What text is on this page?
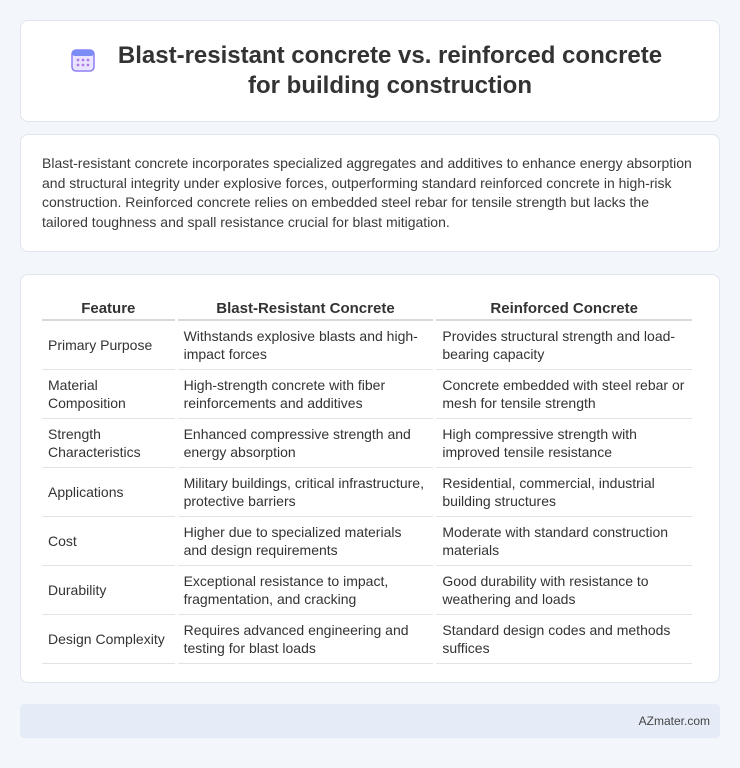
Blast-resistant concrete vs. reinforced concrete for building construction

Blast-resistant concrete incorporates specialized aggregates and additives to enhance energy absorption and structural integrity under explosive forces, outperforming standard reinforced concrete in high-risk construction. Reinforced concrete relies on embedded steel rebar for tensile strength but lacks the tailored toughness and spall resistance crucial for blast mitigation.

Feature	Blast-Resistant Concrete	Reinforced Concrete
Primary Purpose	Withstands explosive blasts and high-impact forces	Provides structural strength and load-bearing capacity
Material Composition	High-strength concrete with fiber reinforcements and additives	Concrete embedded with steel rebar or mesh for tensile strength
Strength Characteristics	Enhanced compressive strength and energy absorption	High compressive strength with improved tensile resistance
Applications	Military buildings, critical infrastructure, protective barriers	Residential, commercial, industrial building structures
Cost	Higher due to specialized materials and design requirements	Moderate with standard construction materials
Durability	Exceptional resistance to impact, fragmentation, and cracking	Good durability with resistance to weathering and loads
Design Complexity	Requires advanced engineering and testing for blast loads	Standard design codes and methods suffices
AZmater.com
